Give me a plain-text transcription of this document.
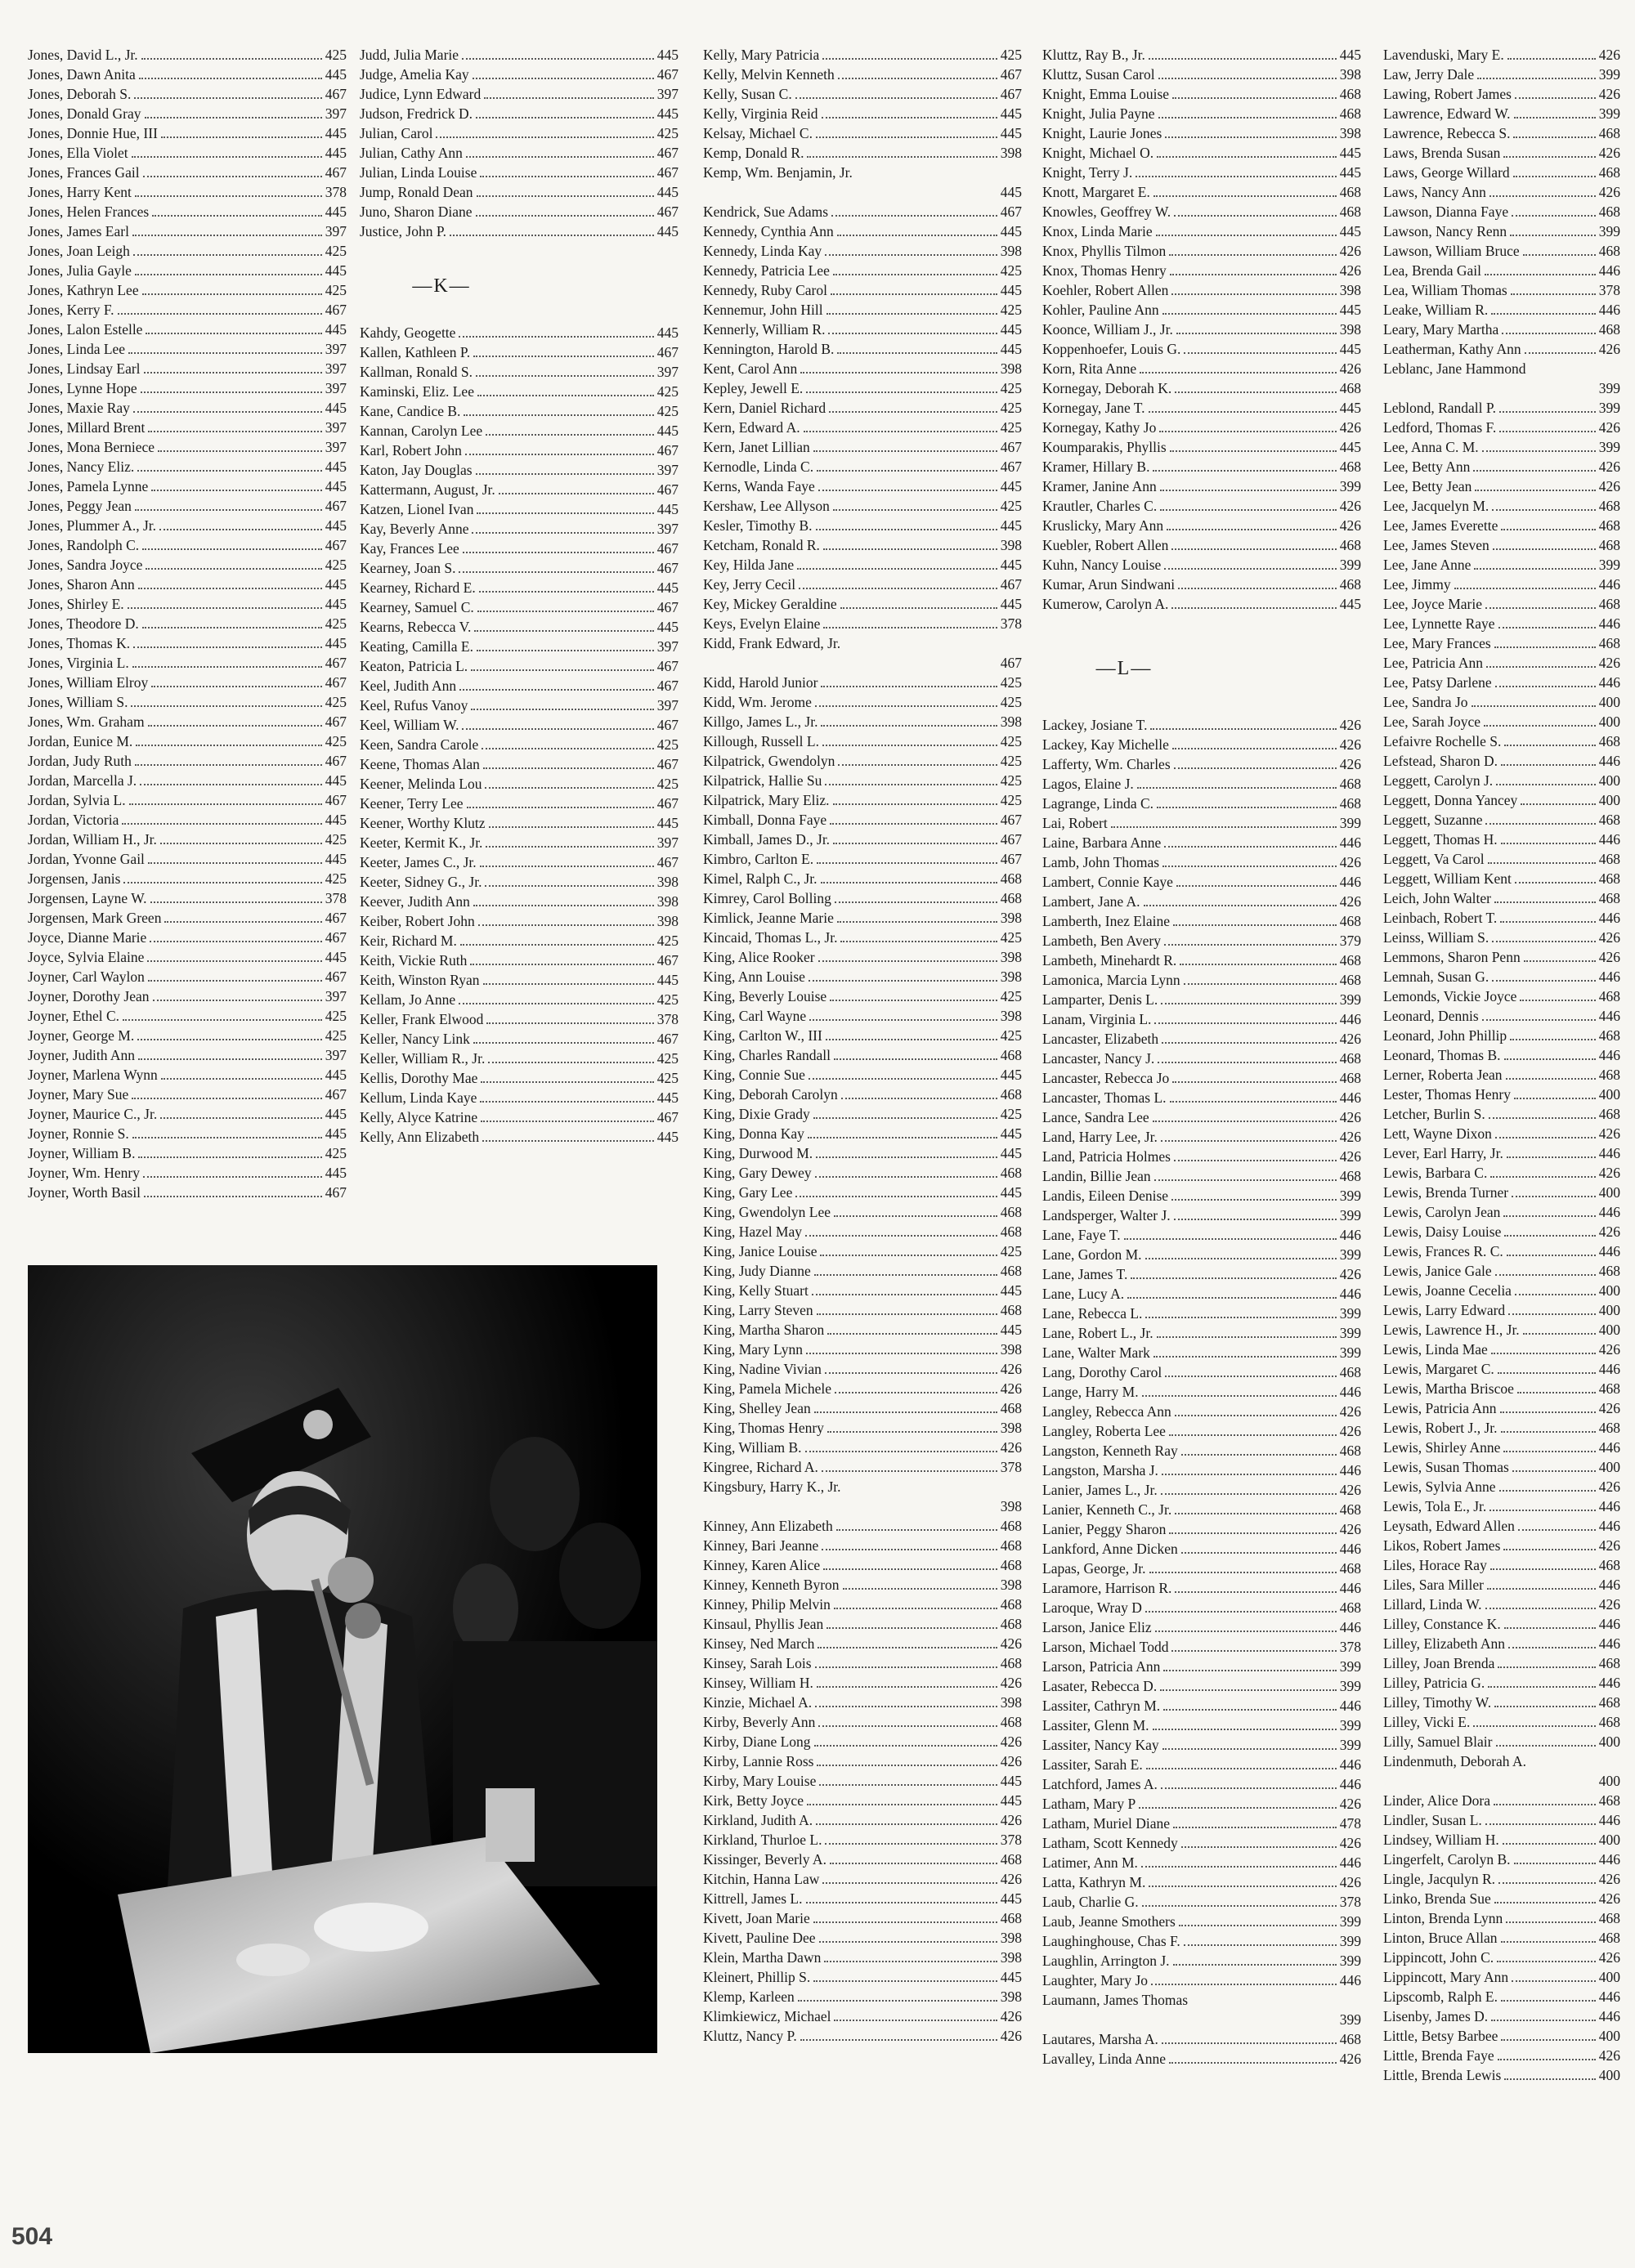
Jones, David L., Jr.	425
Jones, Dawn Anita	445
Jones, Deborah S.	467
Jones, Donald Gray	397
Jones, Donnie Hue, III	445
Jones, Ella Violet	445
Jones, Frances Gail	467
Jones, Harry Kent	378
Jones, Helen Frances	445
Jones, James Earl	397
Jones, Joan Leigh	425
Jones, Julia Gayle	445
Jones, Kathryn Lee	425
Jones, Kerry F.	467
Jones, Lalon Estelle	445
Jones, Linda Lee	397
Jones, Lindsay Earl	397
Jones, Lynne Hope	397
Jones, Maxie Ray	445
Jones, Millard Brent	397
Jones, Mona Berniece	397
Jones, Nancy Eliz.	445
Jones, Pamela Lynne	445
Jones, Peggy Jean	467
Jones, Plummer A., Jr.	445
Jones, Randolph C.	467
Jones, Sandra Joyce	425
Jones, Sharon Ann	445
Jones, Shirley E.	445
Jones, Theodore D.	425
Jones, Thomas K.	445
Jones, Virginia L.	467
Jones, William Elroy	467
Jones, William S.	425
Jones, Wm. Graham	467
Jordan, Eunice M.	425
Jordan, Judy Ruth	467
Jordan, Marcella J.	445
Jordan, Sylvia L.	467
Jordan, Victoria	445
Jordan, William H., Jr.	425
Jordan, Yvonne Gail	445
Jorgensen, Janis	425
Jorgensen, Layne W.	378
Jorgensen, Mark Green	467
Joyce, Dianne Marie	467
Joyce, Sylvia Elaine	445
Joyner, Carl Waylon	467
Joyner, Dorothy Jean	397
Joyner, Ethel C.	425
Joyner, George M.	425
Joyner, Judith Ann	397
Joyner, Marlena Wynn	445
Joyner, Mary Sue	467
Joyner, Maurice C., Jr.	445
Joyner, Ronnie S.	445
Joyner, William B.	425
Joyner, Wm. Henry	445
Joyner, Worth Basil	467
Judd, Julia Marie	445
Judge, Amelia Kay	467
Judice, Lynn Edward	397
Judson, Fredrick D.	445
Julian, Carol	425
Julian, Cathy Ann	467
Julian, Linda Louise	467
Jump, Ronald Dean	445
Juno, Sharon Diane	467
Justice, John P.	445
—K—
Kahdy, Geogette	445
Kallen, Kathleen P.	467
Kallman, Ronald S.	397
Kaminski, Eliz. Lee	425
Kane, Candice B.	425
Kannan, Carolyn Lee	445
Karl, Robert John	467
Katon, Jay Douglas	397
Kattermann, August, Jr.	467
Katzen, Lionel Ivan	445
Kay, Beverly Anne	397
Kay, Frances Lee	467
Kearney, Joan S.	467
Kearney, Richard E.	445
Kearney, Samuel C.	467
Kearns, Rebecca V.	445
Keating, Camilla E.	397
Keaton, Patricia L.	467
Keel, Judith Ann	467
Keel, Rufus Vanoy	397
Keel, William W.	467
Keen, Sandra Carole	425
Keene, Thomas Alan	467
Keener, Melinda Lou	425
Keener, Terry Lee	467
Keener, Worthy Klutz	445
Keeter, Kermit K., Jr.	397
Keeter, James C., Jr.	467
Keeter, Sidney G., Jr.	398
Keever, Judith Ann	398
Keiber, Robert John	398
Keir, Richard M.	425
Keith, Vickie Ruth	467
Keith, Winston Ryan	445
Kellam, Jo Anne	425
Keller, Frank Elwood	378
Keller, Nancy Link	467
Keller, William R., Jr.	425
Kellis, Dorothy Mae	425
Kellum, Linda Kaye	445
Kelly, Alyce Katrine	467
Kelly, Ann Elizabeth	445
Kelly, Mary Patricia	425
Kelly, Melvin Kenneth	467
Kelly, Susan C.	467
Kelly, Virginia Reid	445
Kelsay, Michael C.	445
Kemp, Donald R.	398
Kemp, Wm. Benjamin, Jr.
445
Kendrick, Sue Adams	467
Kennedy, Cynthia Ann	445
Kennedy, Linda Kay	398
Kennedy, Patricia Lee	425
Kennedy, Ruby Carol	445
Kennemur, John Hill	425
Kennerly, William R.	445
Kennington, Harold B.	445
Kent, Carol Ann	398
Kepley, Jewell E.	425
Kern, Daniel Richard	425
Kern, Edward A.	425
Kern, Janet Lillian	467
Kernodle, Linda C.	467
Kerns, Wanda Faye	445
Kershaw, Lee Allyson	425
Kesler, Timothy B.	445
Ketcham, Ronald R.	398
Key, Hilda Jane	445
Key, Jerry Cecil	467
Key, Mickey Geraldine	445
Keys, Evelyn Elaine	378
Kidd, Frank Edward, Jr.
467
Kidd, Harold Junior	425
Kidd, Wm. Jerome	425
Killgo, James L., Jr.	398
Killough, Russell L.	425
Kilpatrick, Gwendolyn	425
Kilpatrick, Hallie Su	425
Kilpatrick, Mary Eliz.	425
Kimball, Donna Faye	467
Kimball, James D., Jr.	467
Kimbro, Carlton E.	467
Kimel, Ralph C., Jr.	468
Kimrey, Carol Bolling	468
Kimlick, Jeanne Marie	398
Kincaid, Thomas L., Jr.	425
King, Alice Rooker	398
King, Ann Louise	398
King, Beverly Louise	425
King, Carl Wayne	398
King, Carlton W., III	425
King, Charles Randall	468
King, Connie Sue	445
King, Deborah Carolyn	468
King, Dixie Grady	425
King, Donna Kay	445
King, Durwood M.	445
King, Gary Dewey	468
King, Gary Lee	445
King, Gwendolyn Lee	468
King, Hazel May	468
King, Janice Louise	425
King, Judy Dianne	468
King, Kelly Stuart	445
King, Larry Steven	468
King, Martha Sharon	445
King, Mary Lynn	398
King, Nadine Vivian	426
King, Pamela Michele	426
King, Shelley Jean	468
King, Thomas Henry	398
King, William B.	426
Kingree, Richard A.	378
Kingsbury, Harry K., Jr.
398
Kinney, Ann Elizabeth	468
Kinney, Bari Jeanne	468
Kinney, Karen Alice	468
Kinney, Kenneth Byron	398
Kinney, Philip Melvin	468
Kinsaul, Phyllis Jean	468
Kinsey, Ned March	426
Kinsey, Sarah Lois	468
Kinsey, William H.	426
Kinzie, Michael A.	398
Kirby, Beverly Ann	468
Kirby, Diane Long	426
Kirby, Lannie Ross	426
Kirby, Mary Louise	445
Kirk, Betty Joyce	445
Kirkland, Judith A.	426
Kirkland, Thurloe L.	378
Kissinger, Beverly A.	468
Kitchin, Hanna Law	426
Kittrell, James L.	445
Kivett, Joan Marie	468
Kivett, Pauline Dee	398
Klein, Martha Dawn	398
Kleinert, Phillip S.	445
Klemp, Karleen	398
Klimkiewicz, Michael	426
Kluttz, Nancy P.	426
Kluttz, Ray B., Jr.	445
Kluttz, Susan Carol	398
Knight, Emma Louise	468
Knight, Julia Payne	468
Knight, Laurie Jones	398
Knight, Michael O.	445
Knight, Terry J.	445
Knott, Margaret E.	468
Knowles, Geoffrey W.	468
Knox, Linda Marie	445
Knox, Phyllis Tilmon	426
Knox, Thomas Henry	426
Koehler, Robert Allen	398
Kohler, Pauline Ann	445
Koonce, William J., Jr.	398
Koppenhoefer, Louis G.	445
Korn, Rita Anne	426
Kornegay, Deborah K.	468
Kornegay, Jane T.	445
Kornegay, Kathy Jo	426
Koumparakis, Phyllis	445
Kramer, Hillary B.	468
Kramer, Janine Ann	399
Krautler, Charles C.	426
Kruslicky, Mary Ann	426
Kuebler, Robert Allen	468
Kuhn, Nancy Louise	399
Kumar, Arun Sindwani	468
Kumerow, Carolyn A.	445
—L—
Lackey, Josiane T.	426
Lackey, Kay Michelle	426
Lafferty, Wm. Charles	426
Lagos, Elaine J.	468
Lagrange, Linda C.	468
Lai, Robert	399
Laine, Barbara Anne	446
Lamb, John Thomas	426
Lambert, Connie Kaye	446
Lambert, Jane A.	426
Lamberth, Inez Elaine	468
Lambeth, Ben Avery	379
Lambeth, Minehardt R.	468
Lamonica, Marcia Lynn	468
Lamparter, Denis L.	399
Lanam, Virginia L.	446
Lancaster, Elizabeth	426
Lancaster, Nancy J.	468
Lancaster, Rebecca Jo	468
Lancaster, Thomas L.	446
Lance, Sandra Lee	426
Land, Harry Lee, Jr.	426
Land, Patricia Holmes	426
Landin, Billie Jean	468
Landis, Eileen Denise	399
Landsperger, Walter J.	399
Lane, Faye T.	446
Lane, Gordon M.	399
Lane, James T.	426
Lane, Lucy A.	446
Lane, Rebecca L.	399
Lane, Robert L., Jr.	399
Lane, Walter Mark	399
Lang, Dorothy Carol	468
Lange, Harry M.	446
Langley, Rebecca Ann	426
Langley, Roberta Lee	426
Langston, Kenneth Ray	468
Langston, Marsha J.	446
Lanier, James L., Jr.	426
Lanier, Kenneth C., Jr.	468
Lanier, Peggy Sharon	426
Lankford, Anne Dicken	446
Lapas, George, Jr.	468
Laramore, Harrison R.	446
Laroque, Wray D	468
Larson, Janice Eliz	446
Larson, Michael Todd	378
Larson, Patricia Ann	399
Lasater, Rebecca D.	399
Lassiter, Cathryn M.	446
Lassiter, Glenn M.	399
Lassiter, Nancy Kay	399
Lassiter, Sarah E.	446
Latchford, James A.	446
Latham, Mary P	426
Latham, Muriel Diane	478
Latham, Scott Kennedy	426
Latimer, Ann M.	446
Latta, Kathryn M.	426
Laub, Charlie G.	378
Laub, Jeanne Smothers	399
Laughinghouse, Chas F.	399
Laughlin, Arrington J.	399
Laughter, Mary Jo	446
Laumann, James Thomas
399
Lautares, Marsha A.	468
Lavalley, Linda Anne	426
Lavenduski, Mary E.	426
Law, Jerry Dale	399
Lawing, Robert James	426
Lawrence, Edward W.	399
Lawrence, Rebecca S.	468
Laws, Brenda Susan	426
Laws, George Willard	468
Laws, Nancy Ann	426
Lawson, Dianna Faye	468
Lawson, Nancy Renn	399
Lawson, William Bruce	468
Lea, Brenda Gail	446
Lea, William Thomas	378
Leake, William R.	446
Leary, Mary Martha	468
Leatherman, Kathy Ann	426
Leblanc, Jane Hammond
399
Leblond, Randall P.	399
Ledford, Thomas F.	426
Lee, Anna C. M.	399
Lee, Betty Ann	426
Lee, Betty Jean	426
Lee, Jacquelyn M.	468
Lee, James Everette	468
Lee, James Steven	468
Lee, Jane Anne	399
Lee, Jimmy	446
Lee, Joyce Marie	468
Lee, Lynnette Raye	446
Lee, Mary Frances	468
Lee, Patricia Ann	426
Lee, Patsy Darlene	446
Lee, Sandra Jo	400
Lee, Sarah Joyce	400
Lefaivre Rochelle S.	468
Lefstead, Sharon D.	446
Leggett, Carolyn J.	400
Leggett, Donna Yancey	400
Leggett, Suzanne	468
Leggett, Thomas H.	446
Leggett, Va Carol	468
Leggett, William Kent	468
Leich, John Walter	468
Leinbach, Robert T.	446
Leinss, William S.	426
Lemmons, Sharon Penn	426
Lemnah, Susan G.	446
Lemonds, Vickie Joyce	468
Leonard, Dennis	446
Leonard, John Phillip	468
Leonard, Thomas B.	446
Lerner, Roberta Jean	468
Lester, Thomas Henry	400
Letcher, Burlin S.	468
Lett, Wayne Dixon	426
Lever, Earl Harry, Jr.	446
Lewis, Barbara C.	426
Lewis, Brenda Turner	400
Lewis, Carolyn Jean	446
Lewis, Daisy Louise	426
Lewis, Frances R. C.	446
Lewis, Janice Gale	468
Lewis, Joanne Cecelia	400
Lewis, Larry Edward	400
Lewis, Lawrence H., Jr.	400
Lewis, Linda Mae	426
Lewis, Margaret C.	446
Lewis, Martha Briscoe	468
Lewis, Patricia Ann	426
Lewis, Robert J., Jr.	468
Lewis, Shirley Anne	446
Lewis, Susan Thomas	400
Lewis, Sylvia Anne	426
Lewis, Tola E., Jr.	446
Leysath, Edward Allen	446
Likos, Robert James	426
Liles, Horace Ray	468
Liles, Sara Miller	446
Lillard, Linda W.	426
Lilley, Constance K.	446
Lilley, Elizabeth Ann	446
Lilley, Joan Brenda	468
Lilley, Patricia G.	446
Lilley, Timothy W.	468
Lilley, Vicki E.	468
Lilly, Samuel Blair	400
Lindenmuth, Deborah A.
400
Linder, Alice Dora	468
Lindler, Susan L.	446
Lindsey, William H.	400
Lingerfelt, Carolyn B.	446
Lingle, Jacqulyn R.	426
Linko, Brenda Sue	426
Linton, Brenda Lynn	468
Linton, Bruce Allan	468
Lippincott, John C.	426
Lippincott, Mary Ann	400
Lipscomb, Ralph E.	446
Lisenby, James D.	446
Little, Betsy Barbee	400
Little, Brenda Faye	426
Little, Brenda Lewis	400
504
